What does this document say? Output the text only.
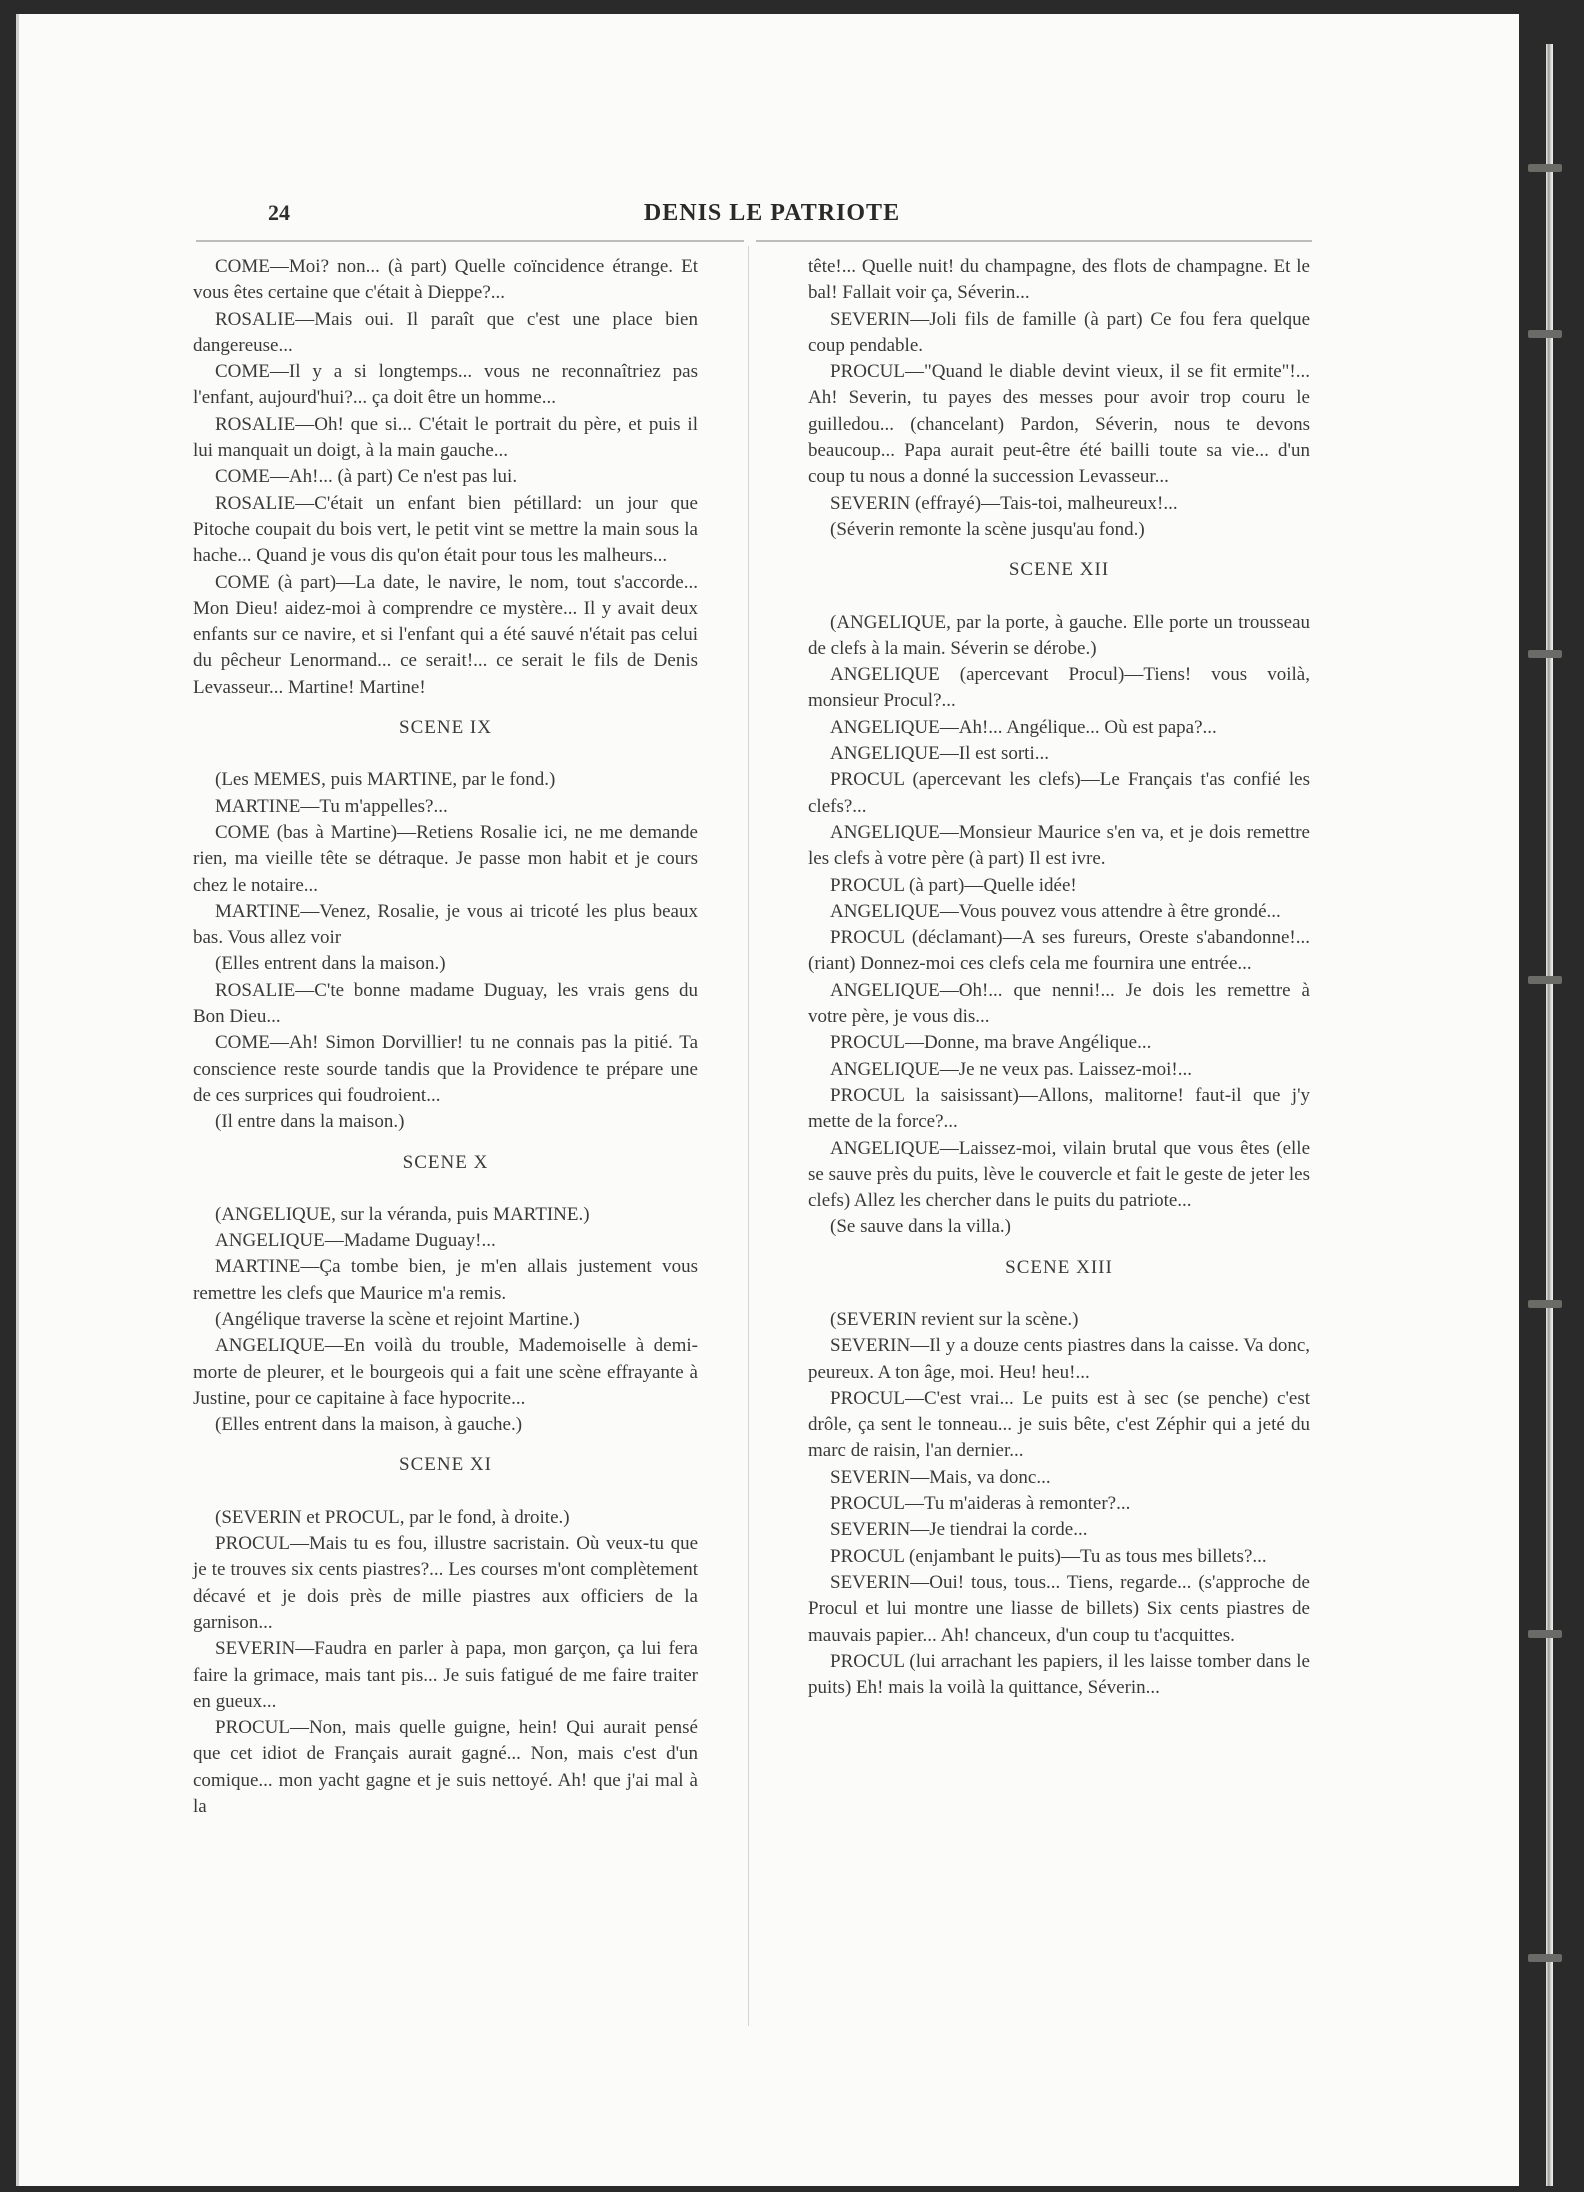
24	DENIS LE PATRIOTE

COME—Moi? non... (à part) Quelle coïncidence étrange. Et vous êtes certaine que c'était à Dieppe?...

ROSALIE—Mais oui. Il paraît que c'est une place bien dangereuse...

COME—Il y a si longtemps... vous ne reconnaîtriez pas l'enfant, aujourd'hui?... ça doit être un homme...

ROSALIE—Oh! que si... C'était le portrait du père, et puis il lui manquait un doigt, à la main gauche...

COME—Ah!... (à part) Ce n'est pas lui.

ROSALIE—C'était un enfant bien pétillard: un jour que Pitoche coupait du bois vert, le petit vint se mettre la main sous la hache... Quand je vous dis qu'on était pour tous les malheurs...

COME (à part)—La date, le navire, le nom, tout s'accorde... Mon Dieu! aidez-moi à comprendre ce mystère... Il y avait deux enfants sur ce navire, et si l'enfant qui a été sauvé n'était pas celui du pêcheur Lenormand... ce serait!... ce serait le fils de Denis Levasseur... Martine! Martine!

SCENE IX

(Les MEMES, puis MARTINE, par le fond.)

MARTINE—Tu m'appelles?...

COME (bas à Martine)—Retiens Rosalie ici, ne me demande rien, ma vieille tête se détraque. Je passe mon habit et je cours chez le notaire...

MARTINE—Venez, Rosalie, je vous ai tricoté les plus beaux bas. Vous allez voir

(Elles entrent dans la maison.)

ROSALIE—C'te bonne madame Duguay, les vrais gens du Bon Dieu...

COME—Ah! Simon Dorvillier! tu ne connais pas la pitié. Ta conscience reste sourde tandis que la Providence te prépare une de ces surprices qui foudroient...

(Il entre dans la maison.)

SCENE X

(ANGELIQUE, sur la véranda, puis MARTINE.)

ANGELIQUE—Madame Duguay!...

MARTINE—Ça tombe bien, je m'en allais justement vous remettre les clefs que Maurice m'a remis.

(Angélique traverse la scène et rejoint Martine.)

ANGELIQUE—En voilà du trouble, Mademoiselle à demi-morte de pleurer, et le bourgeois qui a fait une scène effrayante à Justine, pour ce capitaine à face hypocrite...

(Elles entrent dans la maison, à gauche.)

SCENE XI

(SEVERIN et PROCUL, par le fond, à droite.)

PROCUL—Mais tu es fou, illustre sacristain. Où veux-tu que je te trouves six cents piastres?... Les courses m'ont complètement décavé et je dois près de mille piastres aux officiers de la garnison...

SEVERIN—Faudra en parler à papa, mon garçon, ça lui fera faire la grimace, mais tant pis... Je suis fatigué de me faire traiter en gueux...

PROCUL—Non, mais quelle guigne, hein! Qui aurait pensé que cet idiot de Français aurait gagné... Non, mais c'est d'un comique... mon yacht gagne et je suis nettoyé. Ah! que j'ai mal à la

tête!... Quelle nuit! du champagne, des flots de champagne. Et le bal! Fallait voir ça, Séverin...

SEVERIN—Joli fils de famille (à part) Ce fou fera quelque coup pendable.

PROCUL—"Quand le diable devint vieux, il se fit ermite"!... Ah! Severin, tu payes des messes pour avoir trop couru le guilledou... (chancelant) Pardon, Séverin, nous te devons beaucoup... Papa aurait peut-être été bailli toute sa vie... d'un coup tu nous a donné la succession Levasseur...

SEVERIN (effrayé)—Tais-toi, malheureux!...

(Séverin remonte la scène jusqu'au fond.)

SCENE XII

(ANGELIQUE, par la porte, à gauche. Elle porte un trousseau de clefs à la main. Séverin se dérobe.)

ANGELIQUE (apercevant Procul)—Tiens! vous voilà, monsieur Procul?...

ANGELIQUE—Ah!... Angélique... Où est papa?...

ANGELIQUE—Il est sorti...

PROCUL (apercevant les clefs)—Le Français t'as confié les clefs?...

ANGELIQUE—Monsieur Maurice s'en va, et je dois remettre les clefs à votre père (à part) Il est ivre.

PROCUL (à part)—Quelle idée!

ANGELIQUE—Vous pouvez vous attendre à être grondé...

PROCUL (déclamant)—A ses fureurs, Oreste s'abandonne!... (riant) Donnez-moi ces clefs cela me fournira une entrée...

ANGELIQUE—Oh!... que nenni!... Je dois les remettre à votre père, je vous dis...

PROCUL—Donne, ma brave Angélique...

ANGELIQUE—Je ne veux pas. Laissez-moi!...

PROCUL la saisissant)—Allons, malitorne! faut-il que j'y mette de la force?...

ANGELIQUE—Laissez-moi, vilain brutal que vous êtes (elle se sauve près du puits, lève le couvercle et fait le geste de jeter les clefs) Allez les chercher dans le puits du patriote...

(Se sauve dans la villa.)

SCENE XIII

(SEVERIN revient sur la scène.)

SEVERIN—Il y a douze cents piastres dans la caisse. Va donc, peureux. A ton âge, moi. Heu! heu!...

PROCUL—C'est vrai... Le puits est à sec (se penche) c'est drôle, ça sent le tonneau... je suis bête, c'est Zéphir qui a jeté du marc de raisin, l'an dernier...

SEVERIN—Mais, va donc...

PROCUL—Tu m'aideras à remonter?...

SEVERIN—Je tiendrai la corde...

PROCUL (enjambant le puits)—Tu as tous mes billets?...

SEVERIN—Oui! tous, tous... Tiens, regarde... (s'approche de Procul et lui montre une liasse de billets) Six cents piastres de mauvais papier... Ah! chanceux, d'un coup tu t'acquittes.

PROCUL (lui arrachant les papiers, il les laisse tomber dans le puits) Eh! mais la voilà la quittance, Séverin...
